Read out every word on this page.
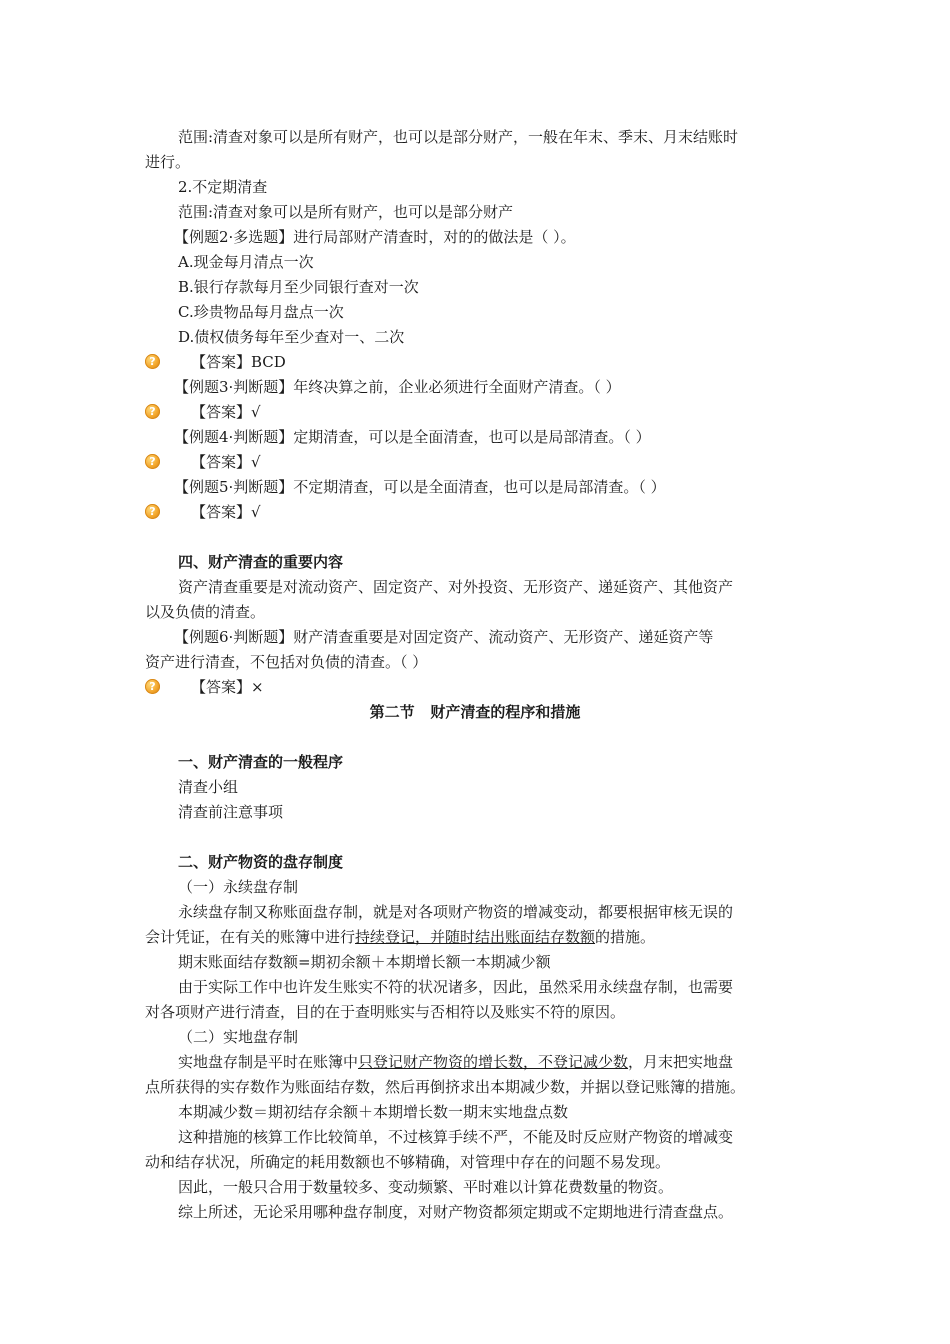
范围:清查对象可以是所有财产，也可以是部分财产，一般在年末、季末、月末结账时
进行。
2.不定期清查
范围:清查对象可以是所有财产，也可以是部分财产
【例题2·多选题】进行局部财产清查时，对的的做法是（ ）。
A.现金每月清点一次
B.银行存款每月至少同银行查对一次
C.珍贵物品每月盘点一次
D.债权债务每年至少查对一、二次
? 【答案】BCD
【例题3·判断题】年终决算之前，企业必须进行全面财产清查。（ ）
? 【答案】√
【例题4·判断题】定期清查，可以是全面清查，也可以是局部清查。（ ）
? 【答案】√
【例题5·判断题】不定期清查，可以是全面清查，也可以是局部清查。（ ）
? 【答案】√
四、财产清查的重要内容
资产清查重要是对流动资产、固定资产、对外投资、无形资产、递延资产、其他资产
以及负债的清查。
【例题6·判断题】财产清查重要是对固定资产、流动资产、无形资产、递延资产等
资产进行清查，不包括对负债的清查。（ ）
? 【答案】×
第二节   财产清查的程序和措施
一、财产清查的一般程序
清查小组
清查前注意事项
二、财产物资的盘存制度
（一）永续盘存制
永续盘存制又称账面盘存制，就是对各项财产物资的增减变动，都要根据审核无误的
会计凭证，在有关的账簿中进行持续登记，并随时结出账面结存数额的措施。
期末账面结存数额=期初余额＋本期增长额一本期减少额
由于实际工作中也许发生账实不符的状况诸多，因此，虽然采用永续盘存制，也需要
对各项财产进行清查，目的在于查明账实与否相符以及账实不符的原因。
（二）实地盘存制
实地盘存制是平时在账簿中只登记财产物资的增长数，不登记减少数，月末把实地盘
点所获得的实存数作为账面结存数，然后再倒挤求出本期减少数，并据以登记账簿的措施。
本期减少数＝期初结存余额＋本期增长数一期末实地盘点数
这种措施的核算工作比较简单，不过核算手续不严，不能及时反应财产物资的增减变
动和结存状况，所确定的耗用数额也不够精确，对管理中存在的问题不易发现。
因此，一般只合用于数量较多、变动频繁、平时难以计算花费数量的物资。
综上所述，无论采用哪种盘存制度，对财产物资都须定期或不定期地进行清查盘点。
